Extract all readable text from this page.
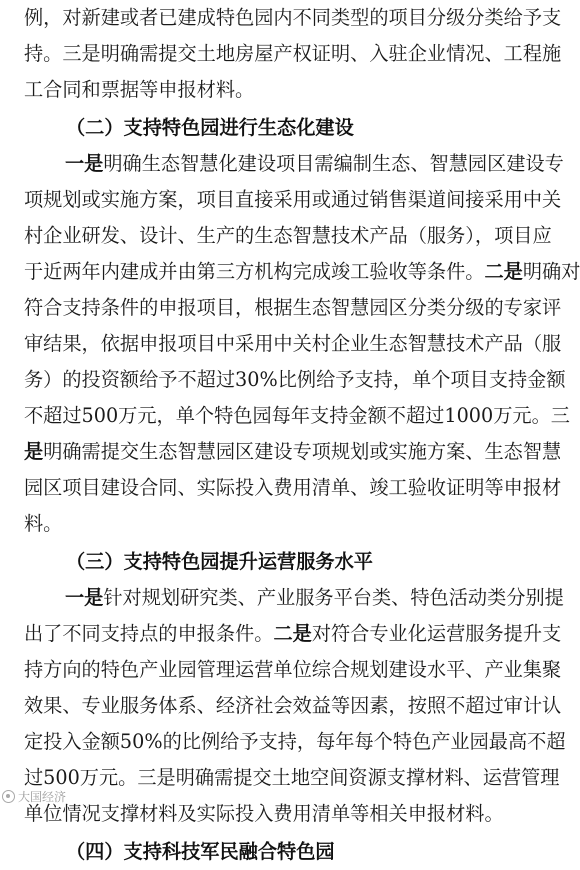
例，对新建或者已建成特色园内不同类型的项目分级分类给予支
持。三是明确需提交土地房屋产权证明、入驻企业情况、工程施
工合同和票据等申报材料。
（二）支持特色园进行生态化建设
一是明确生态智慧化建设项目需编制生态、智慧园区建设专
项规划或实施方案，项目直接采用或通过销售渠道间接采用中关
村企业研发、设计、生产的生态智慧技术产品（服务），项目应
于近两年内建成并由第三方机构完成竣工验收等条件。二是明确对
符合支持条件的申报项目，根据生态智慧园区分类分级的专家评
审结果，依据申报项目中采用中关村企业生态智慧技术产品（服
务）的投资额给予不超过30%比例给予支持，单个项目支持金额
不超过500万元，单个特色园每年支持金额不超过1000万元。三
是明确需提交生态智慧园区建设专项规划或实施方案、生态智慧
园区项目建设合同、实际投入费用清单、竣工验收证明等申报材
料。
（三）支持特色园提升运营服务水平
一是针对规划研究类、产业服务平台类、特色活动类分别提
出了不同支持点的申报条件。二是对符合专业化运营服务提升支
持方向的特色产业园管理运营单位综合规划建设水平、产业集聚
效果、专业服务体系、经济社会效益等因素，按照不超过审计认
定投入金额50%的比例给予支持，每年每个特色产业园最高不超
过500万元。三是明确需提交土地空间资源支撑材料、运营管理
单位情况支撑材料及实际投入费用清单等相关申报材料。
（四）支持科技军民融合特色园
大国经济
